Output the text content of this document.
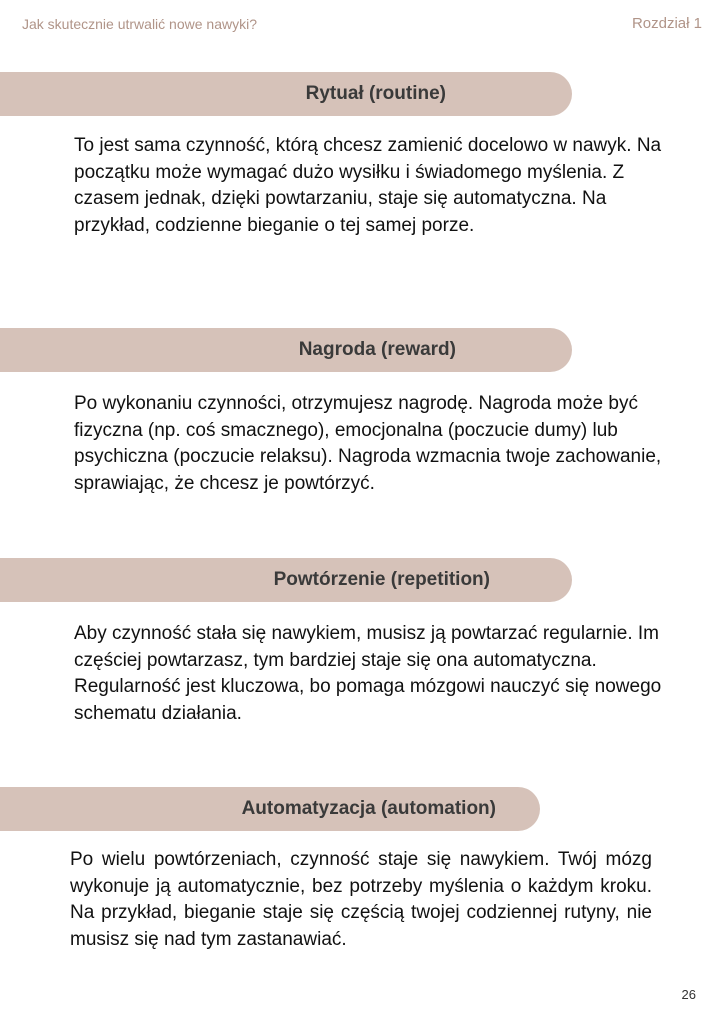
Jak skutecznie utrwalić nowe nawyki?	Rozdział 1
Rytuał (routine)

To jest sama czynność, którą chcesz zamienić docelowo w nawyk. Na początku może wymagać dużo wysiłku i świadomego myślenia. Z czasem jednak, dzięki powtarzaniu, staje się automatyczna. Na przykład, codzienne bieganie o tej samej porze.

Nagroda (reward)

Po wykonaniu czynności, otrzymujesz nagrodę. Nagroda może być fizyczna (np. coś smacznego), emocjonalna (poczucie dumy) lub psychiczna (poczucie relaksu). Nagroda wzmacnia twoje zachowanie, sprawiając, że chcesz je powtórzyć.

Powtórzenie (repetition)

Aby czynność stała się nawykiem, musisz ją powtarzać regularnie. Im częściej powtarzasz, tym bardziej staje się ona automatyczna. Regularność jest kluczowa, bo pomaga mózgowi nauczyć się nowego schematu działania.

Automatyzacja (automation)

Po wielu powtórzeniach, czynność staje się nawykiem. Twój mózg wykonuje ją automatycznie, bez potrzeby myślenia o każdym kroku. Na przykład, bieganie staje się częścią twojej codziennej rutyny, nie musisz się nad tym zastanawiać.

26
